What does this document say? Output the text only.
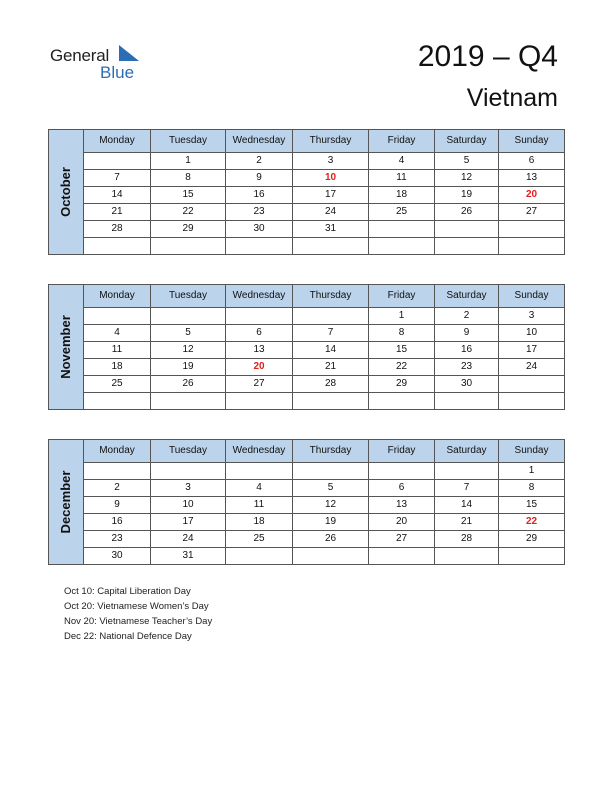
General
Blue	2019 – Q4
Vietnam
October	Monday	Tuesday	Wednesday	Thursday	Friday	Saturday	Sunday
		1	2	3	4	5	6
	7	8	9	10	11	12	13
	14	15	16	17	18	19	20
	21	22	23	24	25	26	27
	28	29	30	31			

November	Monday	Tuesday	Wednesday	Thursday	Friday	Saturday	Sunday
					1	2	3
	4	5	6	7	8	9	10
	11	12	13	14	15	16	17
	18	19	20	21	22	23	24
	25	26	27	28	29	30	

December	Monday	Tuesday	Wednesday	Thursday	Friday	Saturday	Sunday
							1
	2	3	4	5	6	7	8
	9	10	11	12	13	14	15
	16	17	18	19	20	21	22
	23	24	25	26	27	28	29
	30	31					
Oct 10: Capital Liberation Day
Oct 20: Vietnamese Women’s Day
Nov 20: Vietnamese Teacher’s Day
Dec 22: National Defence Day
